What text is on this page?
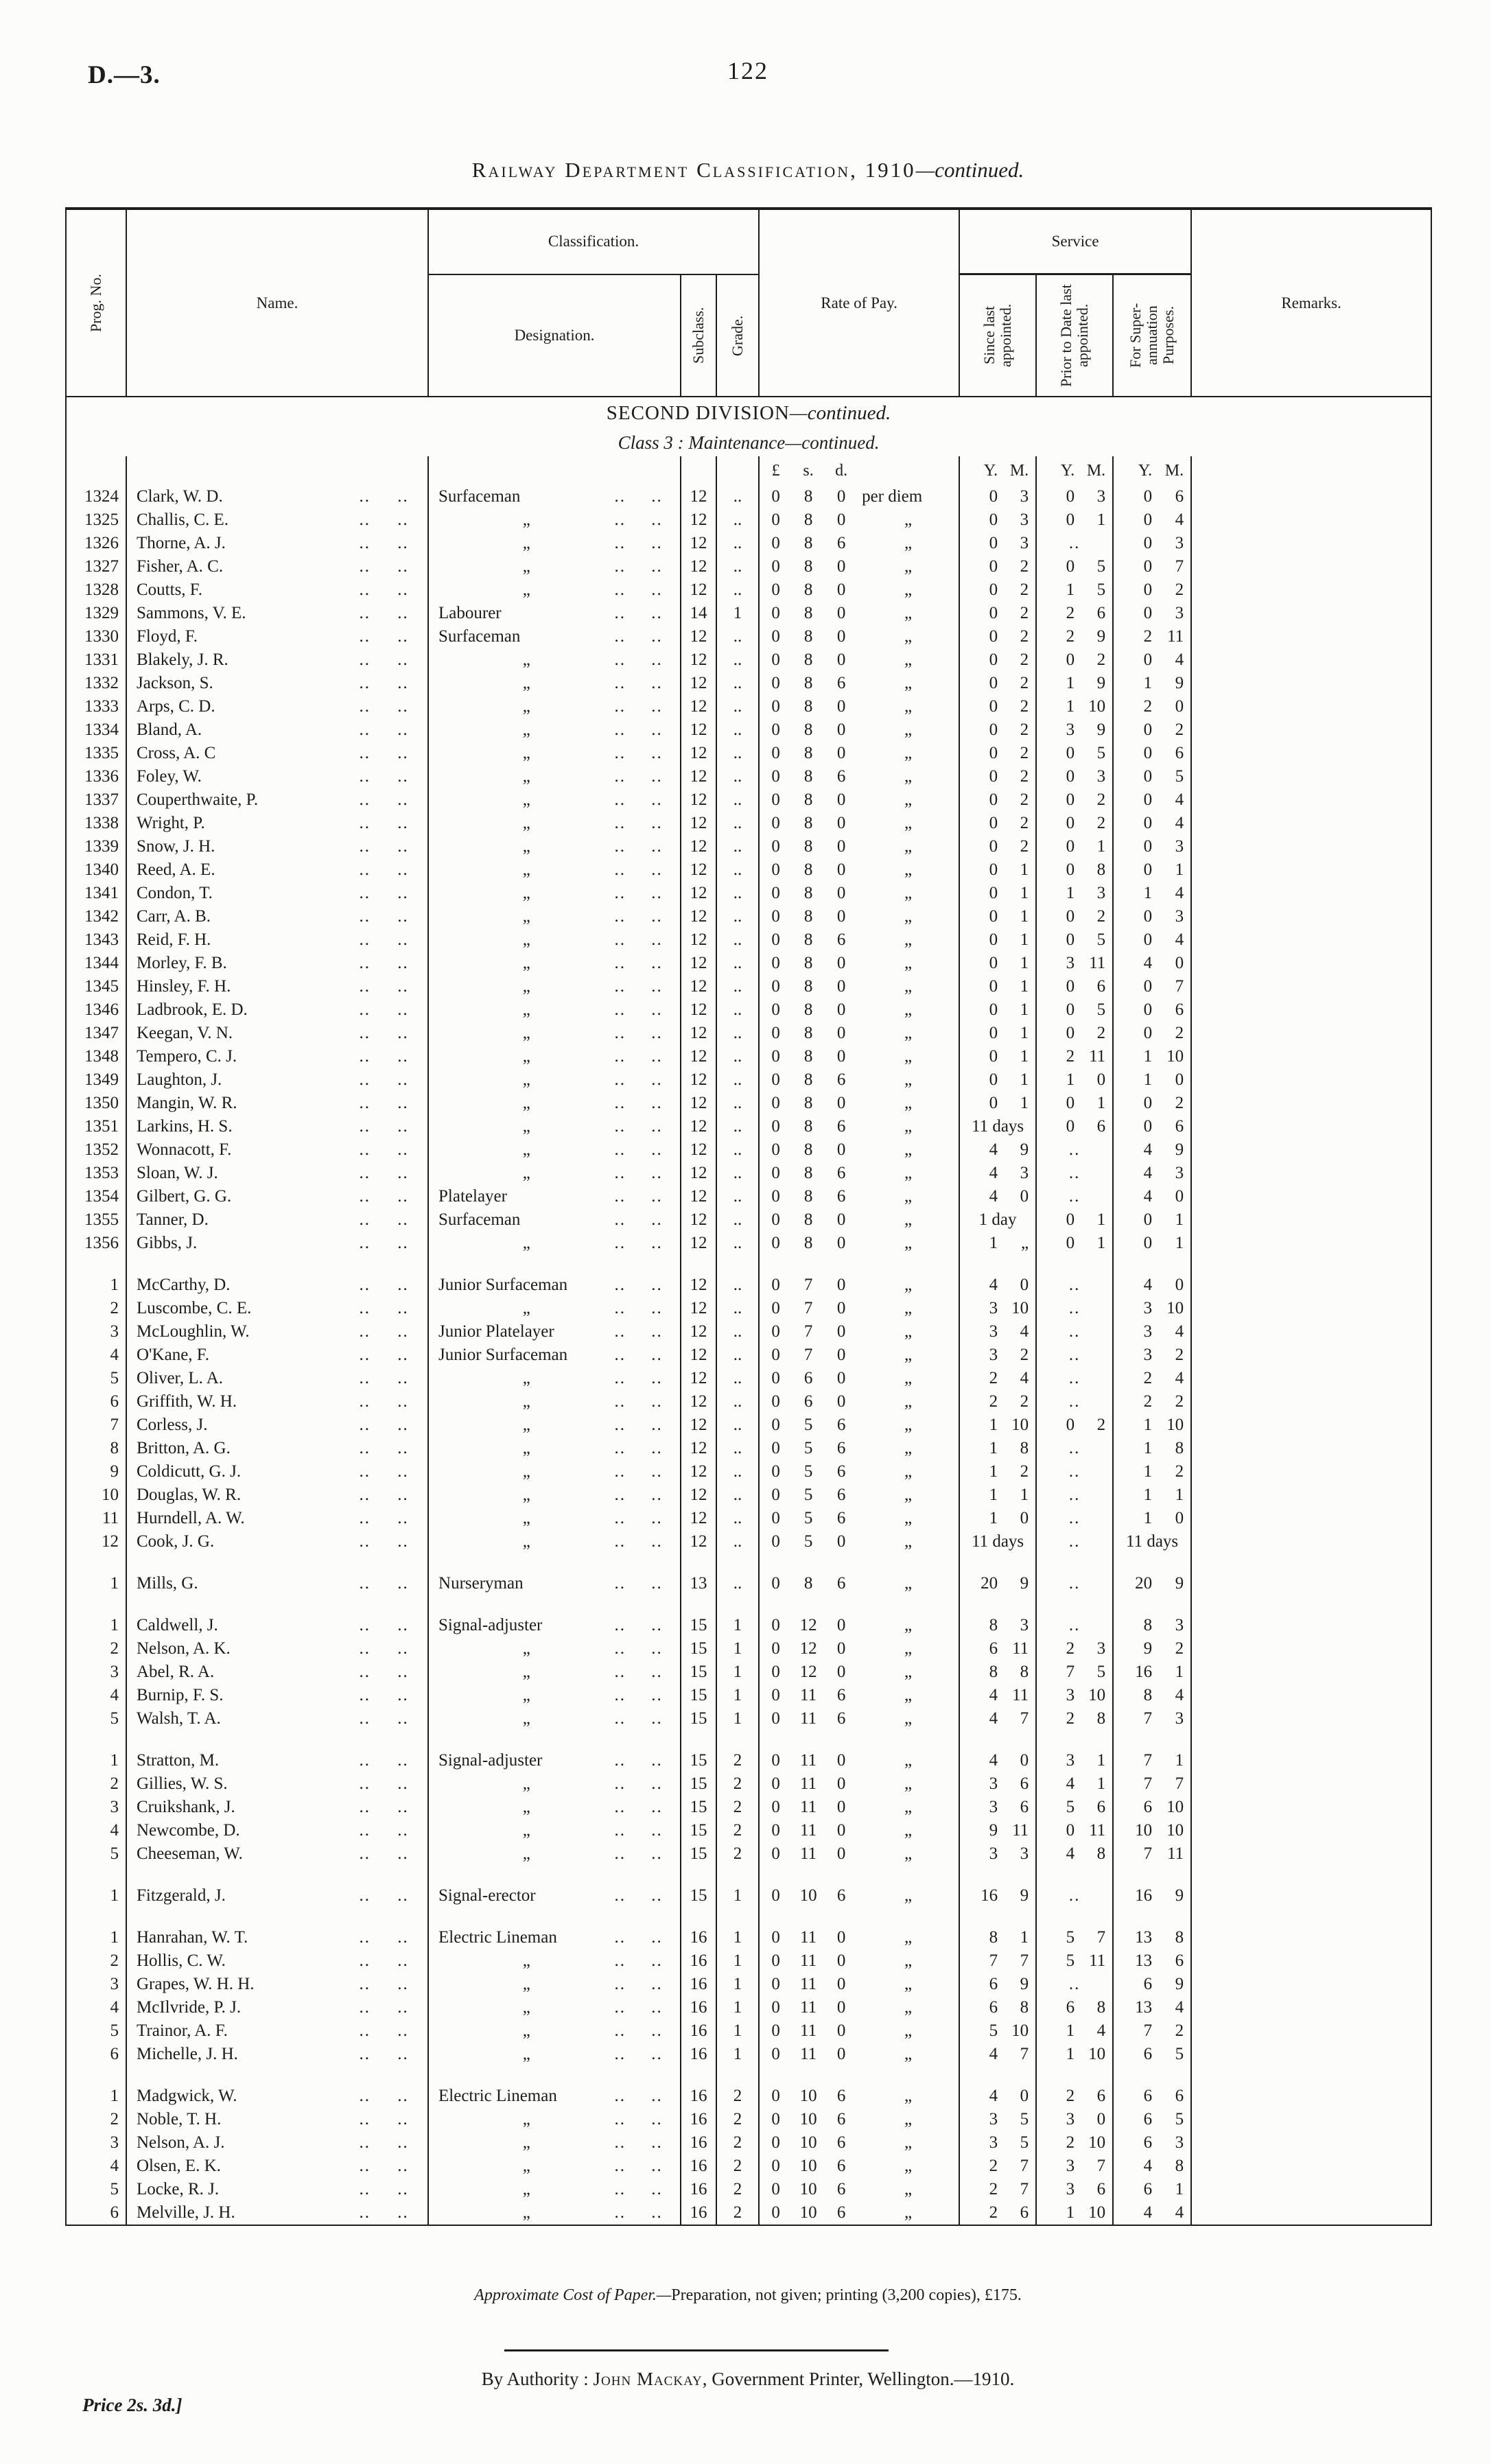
D.—3.	122
Railway Department Classification, 1910—continued.
Prog. No.	Name.		Classification.				Rate of Pay.				Service			Remarks.
			Designation.		Subclass.	Grade.					Since last appointed.	Prior to Date last appointed.	For Super-annuation Purposes.	

SECOND DIVISION—continued.														
Class 3 : Maintenance—continued.														
							£	s.	d.		Y. M.	Y. M.	Y. M.	
1324	Clark, W. D. ..	..	Surfaceman ..	..	12	..	0	8	0	per diem	0 3	0 3	0 6	

1325	Challis, C. E. ..	..	„ ..	..	12	..	0	8	0	„	0 3	0 1	0 4	

1326	Thorne, A. J. ..	..	„ ..	..	12	..	0	8	6	„	0 3	..	0 3	

1327	Fisher, A. C. ..	..	„ ..	..	12	..	0	8	0	„	0 2	0 5	0 7	

1328	Coutts, F. ..	..	„ ..	..	12	..	0	8	0	„	0 2	1 5	0 2	

1329	Sammons, V. E. ..	..	Labourer ..	..	14	1	0	8	0	„	0 2	2 6	0 3	

1330	Floyd, F. ..	..	Surfaceman ..	..	12	..	0	8	0	„	0 2	2 9	2 11	

1331	Blakely, J. R. ..	..	„ ..	..	12	..	0	8	0	„	0 2	0 2	0 4	

1332	Jackson, S. ..	..	„ ..	..	12	..	0	8	6	„	0 2	1 9	1 9	

1333	Arps, C. D. ..	..	„ ..	..	12	..	0	8	0	„	0 2	1 10	2 0	

1334	Bland, A. ..	..	„ ..	..	12	..	0	8	0	„	0 2	3 9	0 2	

1335	Cross, A. C ..	..	„ ..	..	12	..	0	8	0	„	0 2	0 5	0 6	

1336	Foley, W. ..	..	„ ..	..	12	..	0	8	6	„	0 2	0 3	0 5	

1337	Couperthwaite, P. ..	..	„ ..	..	12	..	0	8	0	„	0 2	0 2	0 4	

1338	Wright, P. ..	..	„ ..	..	12	..	0	8	0	„	0 2	0 2	0 4	

1339	Snow, J. H. ..	..	„ ..	..	12	..	0	8	0	„	0 2	0 1	0 3	

1340	Reed, A. E. ..	..	„ ..	..	12	..	0	8	0	„	0 1	0 8	0 1	

1341	Condon, T. ..	..	„ ..	..	12	..	0	8	0	„	0 1	1 3	1 4	

1342	Carr, A. B. ..	..	„ ..	..	12	..	0	8	0	„	0 1	0 2	0 3	

1343	Reid, F. H. ..	..	„ ..	..	12	..	0	8	6	„	0 1	0 5	0 4	

1344	Morley, F. B. ..	..	„ ..	..	12	..	0	8	0	„	0 1	3 11	4 0	

1345	Hinsley, F. H. ..	..	„ ..	..	12	..	0	8	0	„	0 1	0 6	0 7	

1346	Ladbrook, E. D. ..	..	„ ..	..	12	..	0	8	0	„	0 1	0 5	0 6	

1347	Keegan, V. N. ..	..	„ ..	..	12	..	0	8	0	„	0 1	0 2	0 2	

1348	Tempero, C. J. ..	..	„ ..	..	12	..	0	8	0	„	0 1	2 11	1 10	

1349	Laughton, J. ..	..	„ ..	..	12	..	0	8	6	„	0 1	1 0	1 0	

1350	Mangin, W. R. ..	..	„ ..	..	12	..	0	8	0	„	0 1	0 1	0 2	

1351	Larkins, H. S. ..	..	„ ..	..	12	..	0	8	6	„	11 days	0 6	0 6	

1352	Wonnacott, F. ..	..	„ ..	..	12	..	0	8	0	„	4 9	..	4 9	

1353	Sloan, W. J. ..	..	„ ..	..	12	..	0	8	6	„	4 3	..	4 3	

1354	Gilbert, G. G. ..	..	Platelayer ..	..	12	..	0	8	6	„	4 0	..	4 0	

1355	Tanner, D. ..	..	Surfaceman ..	..	12	..	0	8	0	„	1 day	0 1	0 1	

1356	Gibbs, J. ..	..	„ ..	..	12	..	0	8	0	„	1 „	0 1	0 1	

1	McCarthy, D. ..	..	Junior Surfaceman ..	..	12	..	0	7	0	„	4 0	..	4 0	

2	Luscombe, C. E. ..	..	„ ..	..	12	..	0	7	0	„	3 10	..	3 10	

3	McLoughlin, W. ..	..	Junior Platelayer ..	..	12	..	0	7	0	„	3 4	..	3 4	

4	O'Kane, F. ..	..	Junior Surfaceman ..	..	12	..	0	7	0	„	3 2	..	3 2	

5	Oliver, L. A. ..	..	„ ..	..	12	..	0	6	0	„	2 4	..	2 4	

6	Griffith, W. H. ..	..	„ ..	..	12	..	0	6	0	„	2 2	..	2 2	

7	Corless, J. ..	..	„ ..	..	12	..	0	5	6	„	1 10	0 2	1 10	

8	Britton, A. G. ..	..	„ ..	..	12	..	0	5	6	„	1 8	..	1 8	

9	Coldicutt, G. J. ..	..	„ ..	..	12	..	0	5	6	„	1 2	..	1 2	

10	Douglas, W. R. ..	..	„ ..	..	12	..	0	5	6	„	1 1	..	1 1	

11	Hurndell, A. W. ..	..	„ ..	..	12	..	0	5	6	„	1 0	..	1 0	

12	Cook, J. G. ..	..	„ ..	..	12	..	0	5	0	„	11 days	..	11 days	

1	Mills, G. ..	..	Nurseryman ..	..	13	..	0	8	6	„	20 9	..	20 9	

1	Caldwell, J. ..	..	Signal-adjuster ..	..	15	1	0	12	0	„	8 3	..	8 3	

2	Nelson, A. K. ..	..	„ ..	..	15	1	0	12	0	„	6 11	2 3	9 2	

3	Abel, R. A. ..	..	„ ..	..	15	1	0	12	0	„	8 8	7 5	16 1	

4	Burnip, F. S. ..	..	„ ..	..	15	1	0	11	6	„	4 11	3 10	8 4	

5	Walsh, T. A. ..	..	„ ..	..	15	1	0	11	6	„	4 7	2 8	7 3	

1	Stratton, M. ..	..	Signal-adjuster ..	..	15	2	0	11	0	„	4 0	3 1	7 1	

2	Gillies, W. S. ..	..	„ ..	..	15	2	0	11	0	„	3 6	4 1	7 7	

3	Cruikshank, J. ..	..	„ ..	..	15	2	0	11	0	„	3 6	5 6	6 10	

4	Newcombe, D. ..	..	„ ..	..	15	2	0	11	0	„	9 11	0 11	10 10	

5	Cheeseman, W. ..	..	„ ..	..	15	2	0	11	0	„	3 3	4 8	7 11	

1	Fitzgerald, J. ..	..	Signal-erector ..	..	15	1	0	10	6	„	16 9	..	16 9	

1	Hanrahan, W. T. ..	..	Electric Lineman ..	..	16	1	0	11	0	„	8 1	5 7	13 8	

2	Hollis, C. W. ..	..	„ ..	..	16	1	0	11	0	„	7 7	5 11	13 6	

3	Grapes, W. H. H. ..	..	„ ..	..	16	1	0	11	0	„	6 9	..	6 9	

4	McIlvride, P. J. ..	..	„ ..	..	16	1	0	11	0	„	6 8	6 8	13 4	

5	Trainor, A. F. ..	..	„ ..	..	16	1	0	11	0	„	5 10	1 4	7 2	

6	Michelle, J. H. ..	..	„ ..	..	16	1	0	11	0	„	4 7	1 10	6 5	

1	Madgwick, W. ..	..	Electric Lineman ..	..	16	2	0	10	6	„	4 0	2 6	6 6	

2	Noble, T. H. ..	..	„ ..	..	16	2	0	10	6	„	3 5	3 0	6 5	

3	Nelson, A. J. ..	..	„ ..	..	16	2	0	10	6	„	3 5	2 10	6 3	

4	Olsen, E. K. ..	..	„ ..	..	16	2	0	10	6	„	2 7	3 7	4 8	

5	Locke, R. J. ..	..	„ ..	..	16	2	0	10	6	„	2 7	3 6	6 1	

6	Melville, J. H. ..	..	„ ..	..	16	2	0	10	6	„	2 6	1 10	4 4	

Approximate Cost of Paper.—Preparation, not given; printing (3,200 copies), £175.
By Authority : John Mackay, Government Printer, Wellington.—1910.
Price 2s. 3d.]
